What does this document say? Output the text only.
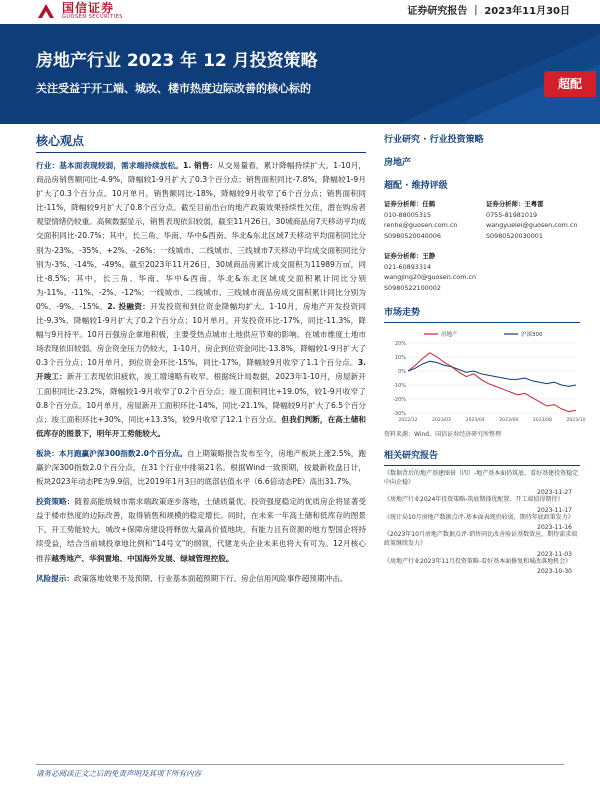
国信证券
GUOSEN SECURITIES	证券研究报告 ｜ 2023年11月30日
房地产行业 2023 年 12 月投资策略
关注受益于开工端、城改、楼市热度边际改善的核心标的	超配
核心观点

行业：基本面表现较弱，需求端持续放松。1. 销售：从交易量看，累计降幅持续扩大。1-10月，商品房销售额同比-4.9%，降幅较1-9月扩大了0.3个百分点；销售面积同比-7.8%，降幅较1-9月扩大了0.3个百分点。10月单月，销售额同比-18%，降幅较9月收窄了6个百分点；销售面积同比-11%，降幅较9月扩大了0.8个百分点。截至目前出台的地产政策效果持续性欠佳，潜在购房者观望情绪仍较重。高频数据显示，销售表现依旧较弱，截至11月26日，30城商品房7天移动平均成交面积同比-20.7%；其中，长三角、华南、华中&西南、华北&东北区域7天移动平均面积同比分别为-23%、-35%、+2%、-26%；一线城市、二线城市、三线城市7天移动平均成交面积同比分别为-3%、-14%、-49%。截至2023年11月26日，30城商品房累计成交面积为11989万㎡，同比-8.5%；其中，长三角、华南、华中&西南、华北&东北区域成交面积累计同比分别为-11%、-11%、-2%、-12%；一线城市、二线城市、三线城市商品房成交面积累计同比分别为0%、-9%、-15%。2. 投融资：开发投资和到位资金降幅均扩大。1-10月，房地产开发投资同比-9.3%，降幅较1-9月扩大了0.2个百分点；10月单月，开发投资环比-17%，同比-11.3%，降幅与9月持平。10月百强房企拿地积极，主要受热点城市土地供应节奏的影响。在城市维度土地市场表现依旧较弱。房企资金压力仍较大，1-10月，房企到位资金同比-13.8%，降幅较1-9月扩大了0.3个百分点；10月单月，到位资金环比-15%，同比-17%，降幅较9月收窄了1.1个百分点。3. 开竣工：新开工表现依旧疲软，竣工增速略有收窄。根据统计局数据，2023年1-10月，房屋新开工面积同比-23.2%，降幅较1-9月收窄了0.2个百分点；竣工面积同比+19.0%，较1-9月收窄了0.8个百分点。10月单月，房屋新开工面积环比-14%，同比-21.1%，降幅较9月扩大了6.5个百分点；竣工面积环比+30%，同比+13.3%，较9月收窄了12.1个百分点。但我们判断，在高土储和低库存的图景下，明年开工势能较大。

板块：本月跑赢沪深300指数2.0个百分点。自上期策略报告发布至今，房地产板块上涨2.5%，跑赢沪深300指数2.0个百分点，在31个行业中排第21名。根据Wind一致预期，按最新收盘日计，板块2023年动态PE为9.9倍，比2019年1月3日的底部估值水平（6.6倍动态PE）高出31.7%。

投资策略：随着高能级城市需求端政策逐步落地，土储质量优、投资强度稳定的优质房企将显著受益于楼市热度的边际改善，取得销售和规模的稳定增长。同时，在未来一年高土储和低库存的图景下，开工势能较大，城改+保障房建设将释放大量高价值地块，有能力且有资源的地方型国企将持续受益，结合当前城投拿地比例和“14号文”的纲领，代建龙头企业未来也将大有可为。12月核心推荐越秀地产、华润置地、中国海外发展、绿城管理控股。

风险提示：政策落地效果不及预期、行业基本面超预期下行、房企信用风险事件超预期冲击。

行业研究 · 行业投资策略
房地产
超配 · 维持评级
证券分析师：任鹤
010-88005315
renhe@guosen.com.cn
S0980520040006
证券分析师：王粤雷
0755-81981019
wangyuelei@guosen.com.cn
S0980520030001
证券分析师：王静
021-60893314
wangjing20@guosen.com.cn
S0980522100002
市场走势
20%
10%
0%
-10%
-20%
-30%
2022/12	2023/02	2023/04	2023/06	2023/08	2023/10
房地产	沪深300
资料来源：Wind、国信证券经济研究所整理
相关研究报告
《数据背后的地产基建图景（四）-地产基本面仍筑底，看好基建投资稳定中向企稳》
2023-11-27
《房地产行业2024年投资策略-筑底期择优配置，开工端值得期待》
2023-11-17
《统计局10月房地产数据点评-基本面表现仍较弱，期待年底政策发力》
2023-11-16
《2023年10月房地产数据点评-销售同比改善验证基数效应，期待需求端政策继续发力》
2023-11-03
《房地产行业2023年11月投资策略-看好基本面修复和城改落地机会》
2023-10-30
请务必阅读正文之后的免责声明及其项下所有内容
